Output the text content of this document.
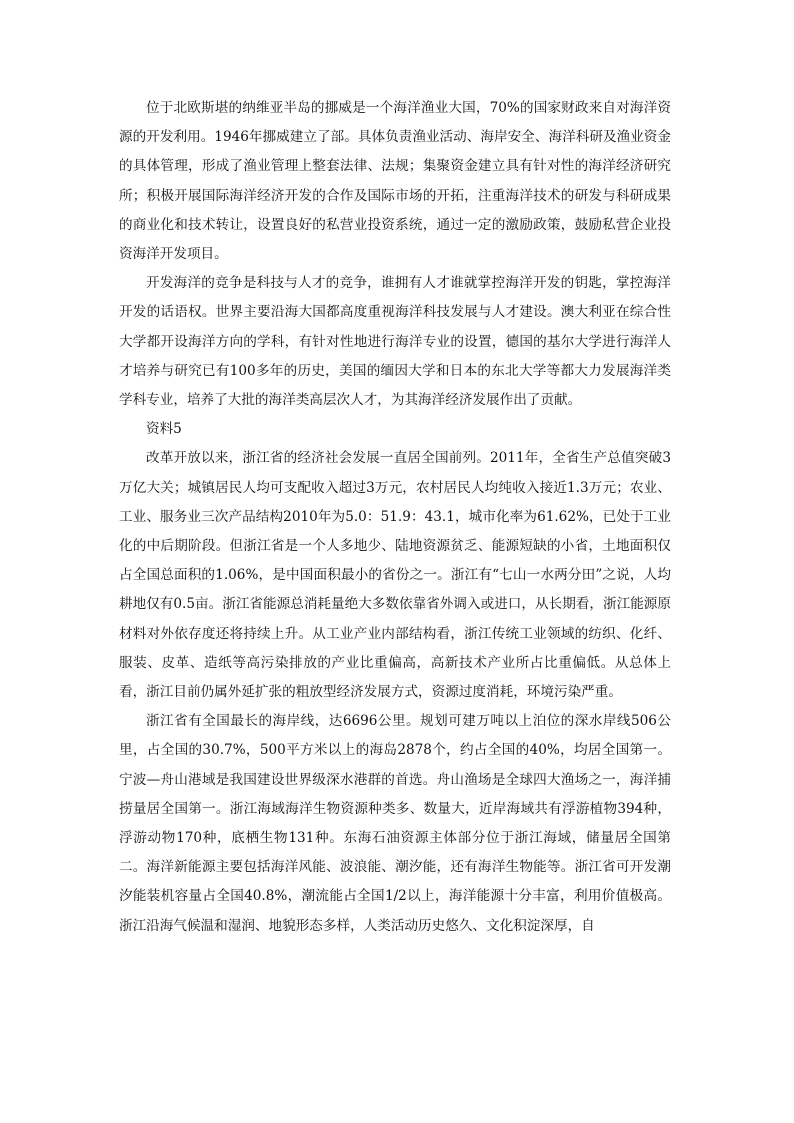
位于北欧斯堪的纳维亚半岛的挪威是一个海洋渔业大国，70%的国家财政来自对海洋资源的开发利用。1946年挪威建立了部。具体负责渔业活动、海岸安全、海洋科研及渔业资金的具体管理，形成了渔业管理上整套法律、法规；集聚资金建立具有针对性的海洋经济研究所；积极开展国际海洋经济开发的合作及国际市场的开拓，注重海洋技术的研发与科研成果的商业化和技术转让，设置良好的私营业投资系统，通过一定的激励政策，鼓励私营企业投资海洋开发项目。

开发海洋的竞争是科技与人才的竞争，谁拥有人才谁就掌控海洋开发的钥匙，掌控海洋开发的话语权。世界主要沿海大国都高度重视海洋科技发展与人才建设。澳大利亚在综合性大学都开设海洋方向的学科，有针对性地进行海洋专业的设置，德国的基尔大学进行海洋人才培养与研究已有100多年的历史，美国的缅因大学和日本的东北大学等都大力发展海洋类学科专业，培养了大批的海洋类高层次人才，为其海洋经济发展作出了贡献。

资料5

改革开放以来，浙江省的经济社会发展一直居全国前列。2011年，全省生产总值突破3万亿大关；城镇居民人均可支配收入超过3万元，农村居民人均纯收入接近1.3万元；农业、工业、服务业三次产品结构2010年为5.0：51.9：43.1，城市化率为61.62%，已处于工业化的中后期阶段。但浙江省是一个人多地少、陆地资源贫乏、能源短缺的小省，土地面积仅占全国总面积的1.06%，是中国面积最小的省份之一。浙江有“七山一水两分田”之说，人均耕地仅有0.5亩。浙江省能源总消耗量绝大多数依靠省外调入或进口，从长期看，浙江能源原材料对外依存度还将持续上升。从工业产业内部结构看，浙江传统工业领域的纺织、化纤、服装、皮革、造纸等高污染排放的产业比重偏高，高新技术产业所占比重偏低。从总体上看，浙江目前仍属外延扩张的粗放型经济发展方式，资源过度消耗，环境污染严重。

浙江省有全国最长的海岸线，达6696公里。规划可建万吨以上泊位的深水岸线506公里，占全国的30.7%，500平方米以上的海岛2878个，约占全国的40%，均居全国第一。宁波—舟山港域是我国建设世界级深水港群的首选。舟山渔场是全球四大渔场之一，海洋捕捞量居全国第一。浙江海域海洋生物资源种类多、数量大，近岸海域共有浮游植物394种，浮游动物170种，底栖生物131种。东海石油资源主体部分位于浙江海域，储量居全国第二。海洋新能源主要包括海洋风能、波浪能、潮汐能，还有海洋生物能等。浙江省可开发潮汐能装机容量占全国40.8%，潮流能占全国1/2以上，海洋能源十分丰富，利用价值极高。浙江沿海气候温和湿润、地貌形态多样，人类活动历史悠久、文化积淀深厚，自
